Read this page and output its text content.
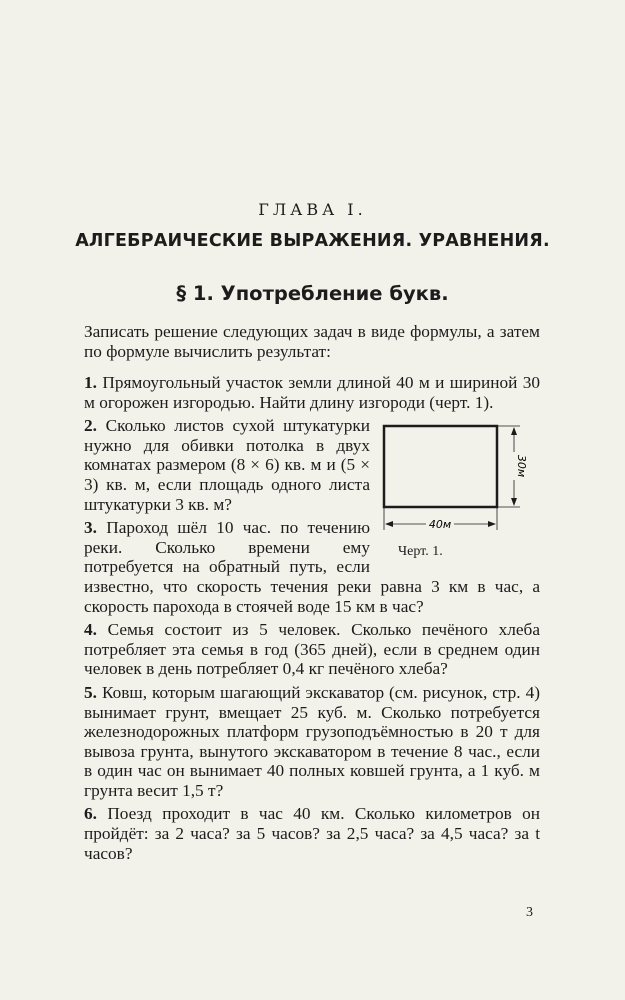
ГЛАВА I.
АЛГЕБРАИЧЕСКИЕ ВЫРАЖЕНИЯ. УРАВНЕНИЯ.
§ 1. Употребление букв.
Записать решение следующих задач в виде формулы, а затем по формуле вычислить результат:

1. Прямоугольный участок земли длиной 40 м и шириной 30 м огорожен изгородью. Найти длину изгороди (черт. 1).

40м
30м
Черт. 1.

2. Сколько листов сухой штукатурки нужно для обивки потолка в двух комнатах размером (8 × 6) кв. м и (5 × 3) кв. м, если площадь одного листа штукатурки 3 кв. м?

3. Пароход шёл 10 час. по течению реки. Сколько времени ему потребуется на обратный путь, если известно, что скорость течения реки равна 3 км в час, а скорость парохода в стоячей воде 15 км в час?

4. Семья состоит из 5 человек. Сколько печёного хлеба потребляет эта семья в год (365 дней), если в среднем один человек в день потребляет 0,4 кг печёного хлеба?

5. Ковш, которым шагающий экскаватор (см. рисунок, стр. 4) вынимает грунт, вмещает 25 куб. м. Сколько потребуется железнодорожных платформ грузоподъёмностью в 20 т для вывоза грунта, вынутого экскаватором в течение 8 час., если в один час он вынимает 40 полных ковшей грунта, а 1 куб. м грунта весит 1,5 т?

6. Поезд проходит в час 40 км. Сколько километров он пройдёт: за 2 часа? за 5 часов? за 2,5 часа? за 4,5 часа? за t часов?

3
